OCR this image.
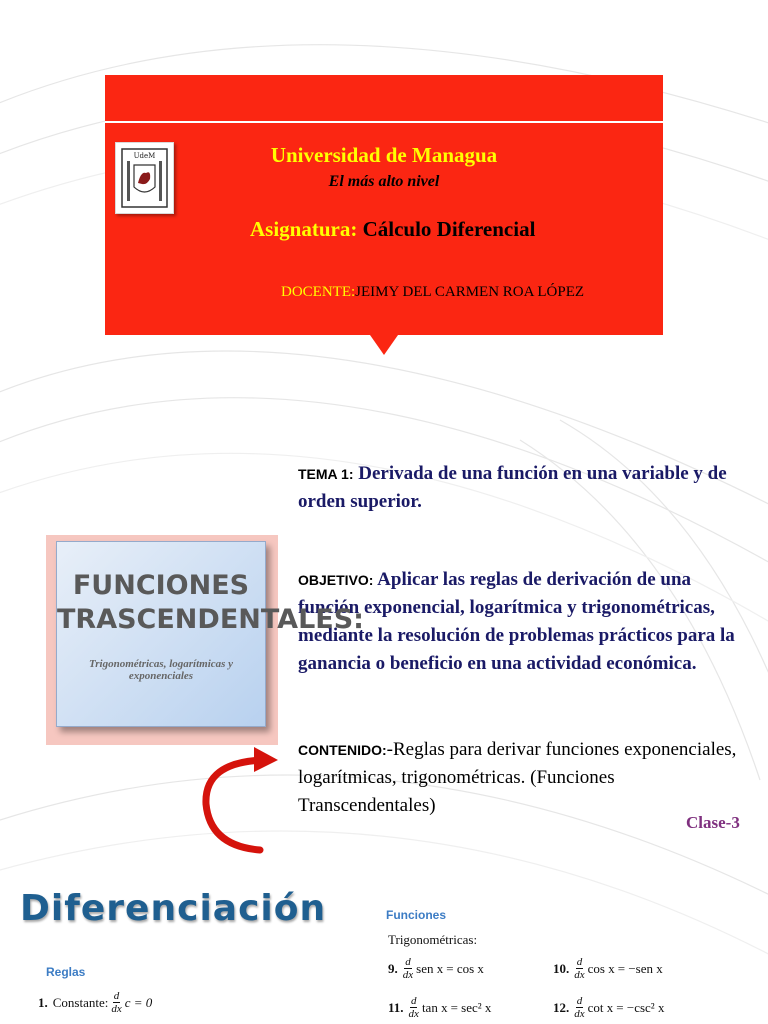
UdeM	Universidad de Managua
El más alto nivel
Asignatura: Cálculo Diferencial
DOCENTE:JEIMY DEL CARMEN ROA LÓPEZ
TEMA 1: Derivada de una función en una variable y de orden superior.
OBJETIVO: Aplicar las reglas de derivación de una función exponencial, logarítmica y trigonométricas, mediante la resolución de problemas prácticos para la ganancia o beneficio en una actividad económica.
CONTENIDO:-Reglas para derivar funciones exponenciales, logarítmicas, trigonométricas. (Funciones Transcendentales)
Clase-3
FUNCIONES
TRASCENDENTALES:
Trigonométricas, logarítmicas y exponenciales
Diferenciación
Reglas
1. Constante: $\frac{d}{dx}$ c = 0
Funciones
Trigonométricas:
9. $\frac{d}{dx}$ sen x = cos x	10. $\frac{d}{dx}$ cos x = −sen x
11. $\frac{d}{dx}$ tan x = sec² x	12. $\frac{d}{dx}$ cot x = −csc² x
